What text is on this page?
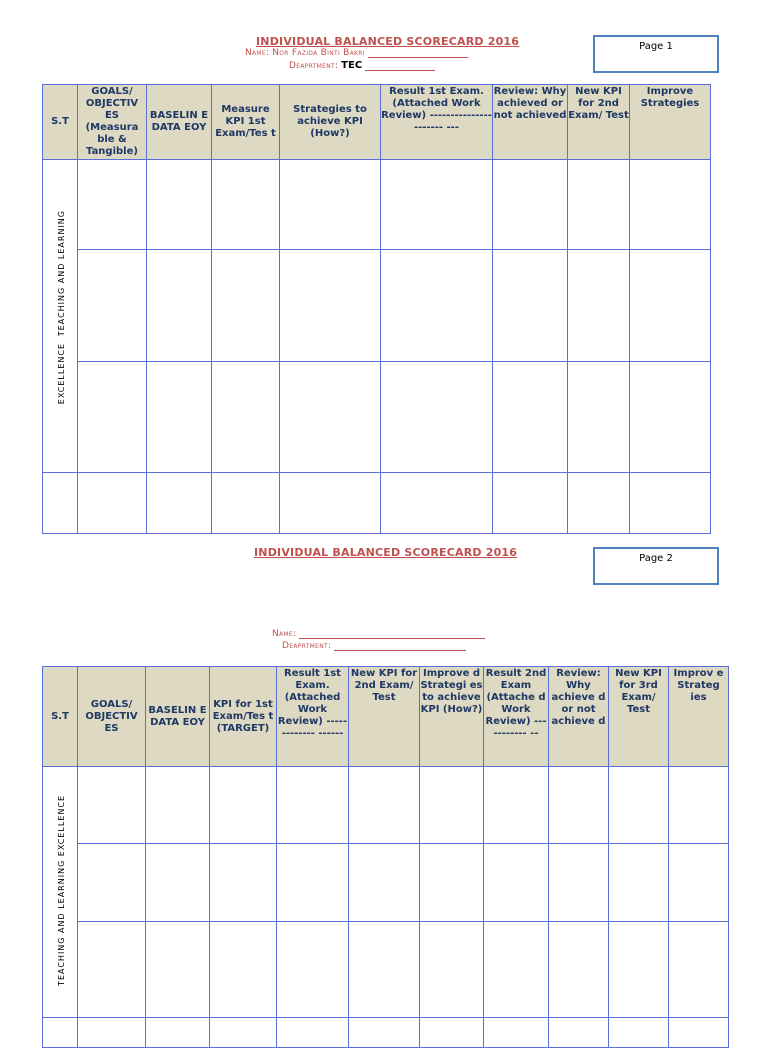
INDIVIDUAL BALANCED SCORECARD 2016
Name: Nor Fazida Binti Bakri
Deaprtment: TEC
Page 1
S.T	GOALS/ OBJECTIV ES (Measura ble & Tangible)	BASELIN E DATA EOY	Measure KPI 1st Exam/Tes t	Strategies to achieve KPI (How?)	Result 1st Exam. (Attached Work Review) ---------------------- ---	Review: Why achieved or not achieved	New KPI for 2nd Exam/ Test	Improve Strategies

TEACHING AND LEARNING
EXCELLENCE								

INDIVIDUAL BALANCED SCORECARD 2016	Page 2
Name:
Deaprtment:
S.T	GOALS/ OBJECTIV ES	BASELIN E DATA EOY	KPI for 1st Exam/Tes t (TARGET)	Result 1st Exam. (Attached Work Review) ------------- ------	New KPI for 2nd Exam/ Test	Improve d Strategi es to achieve KPI (How?)	Result 2nd Exam (Attache d Work Review) ----------- --	Review: Why achieve d or not achieve d	New KPI for 3rd Exam/ Test	Improv e Strateg ies

TEACHING AND LEARNING EXCELLENCE										
